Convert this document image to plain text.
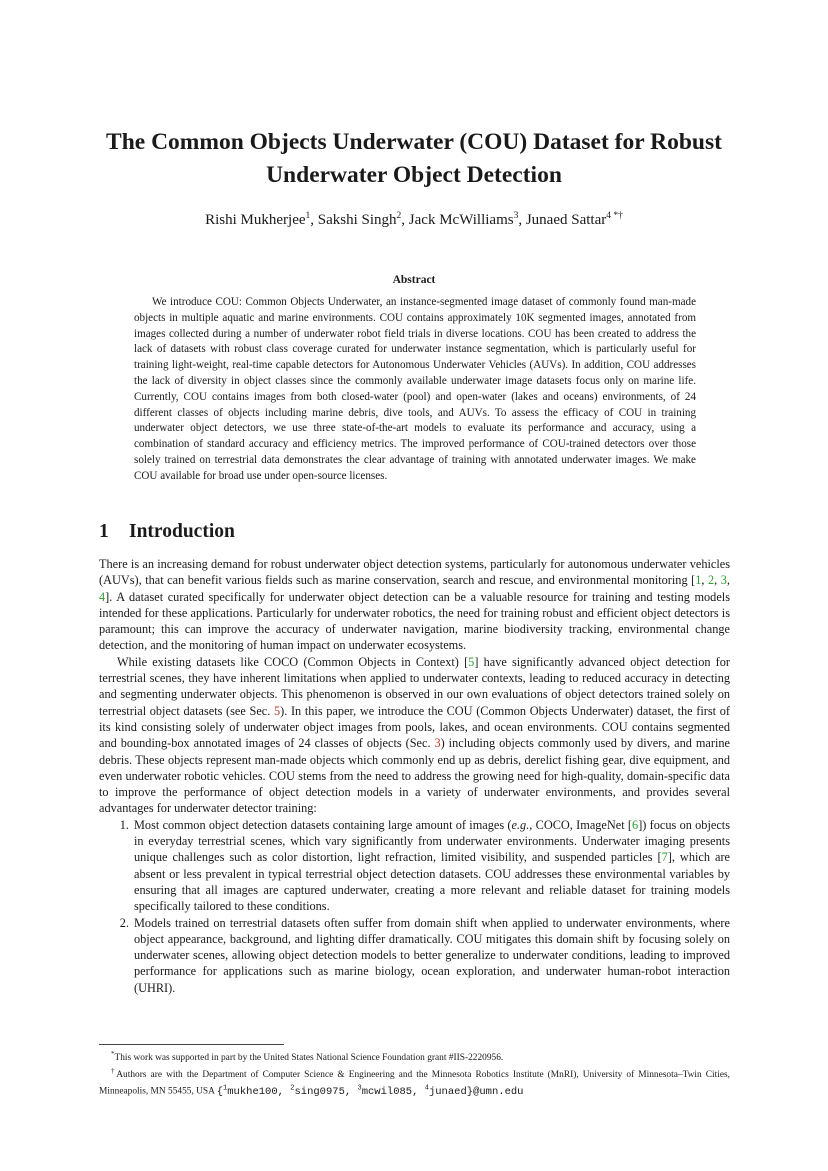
The Common Objects Underwater (COU) Dataset for Robust Underwater Object Detection
Rishi Mukherjee$^1$, Sakshi Singh$^2$, Jack McWilliams$^3$, Junaed Sattar$^{4 *\dagger}$
Abstract

We introduce COU: Common Objects Underwater, an instance-segmented image dataset of commonly found man-made objects in multiple aquatic and marine environments. COU contains approximately 10K segmented images, annotated from images collected during a number of underwater robot field trials in diverse locations. COU has been created to address the lack of datasets with robust class coverage curated for underwater instance segmentation, which is particularly useful for training light-weight, real-time capable detectors for Autonomous Underwater Vehicles (AUVs). In addition, COU addresses the lack of diversity in object classes since the commonly available underwater image datasets focus only on marine life. Currently, COU contains images from both closed-water (pool) and open-water (lakes and oceans) environments, of 24 different classes of objects including marine debris, dive tools, and AUVs. To assess the efficacy of COU in training underwater object detectors, we use three state-of-the-art models to evaluate its performance and accuracy, using a combination of standard accuracy and efficiency metrics. The improved performance of COU-trained detectors over those solely trained on terrestrial data demonstrates the clear advantage of training with annotated underwater images. We make COU available for broad use under open-source licenses.

1 Introduction

There is an increasing demand for robust underwater object detection systems, particularly for autonomous underwater vehicles (AUVs), that can benefit various fields such as marine conservation, search and rescue, and environmental monitoring [1, 2, 3, 4]. A dataset curated specifically for underwater object detection can be a valuable resource for training and testing models intended for these applications. Particularly for underwater robotics, the need for training robust and efficient object detectors is paramount; this can improve the accuracy of underwater navigation, marine biodiversity tracking, environmental change detection, and the monitoring of human impact on underwater ecosystems.

While existing datasets like COCO (Common Objects in Context) [5] have significantly advanced object detection for terrestrial scenes, they have inherent limitations when applied to underwater contexts, leading to reduced accuracy in detecting and segmenting underwater objects. This phenomenon is observed in our own evaluations of object detectors trained solely on terrestrial object datasets (see Sec. 5). In this paper, we introduce the COU (Common Objects Underwater) dataset, the first of its kind consisting solely of underwater object images from pools, lakes, and ocean environments. COU contains segmented and bounding-box annotated images of 24 classes of objects (Sec. 3) including objects commonly used by divers, and marine debris. These objects represent man-made objects which commonly end up as debris, derelict fishing gear, dive equipment, and even underwater robotic vehicles. COU stems from the need to address the growing need for high-quality, domain-specific data to improve the performance of object detection models in a variety of underwater environments, and provides several advantages for underwater detector training:

1. Most common object detection datasets containing large amount of images (e.g., COCO, ImageNet [6]) focus on objects in everyday terrestrial scenes, which vary significantly from underwater environments. Underwater imaging presents unique challenges such as color distortion, light refraction, limited visibility, and suspended particles [7], which are absent or less prevalent in typical terrestrial object detection datasets. COU addresses these environmental variables by ensuring that all images are captured underwater, creating a more relevant and reliable dataset for training models specifically tailored to these conditions.
2. Models trained on terrestrial datasets often suffer from domain shift when applied to underwater environments, where object appearance, background, and lighting differ dramatically. COU mitigates this domain shift by focusing solely on underwater scenes, allowing object detection models to better generalize to underwater conditions, leading to improved performance for applications such as marine biology, ocean exploration, and underwater human-robot interaction (UHRI).

*This work was supported in part by the United States National Science Foundation grant #IIS-2220956.

†Authors are with the Department of Computer Science & Engineering and the Minnesota Robotics Institute (MnRI), University of Minnesota–Twin Cities, Minneapolis, MN 55455, USA {$^1$mukhe100, $^2$sing0975, $^3$mcwil085, $^4$junaed}@umn.edu
